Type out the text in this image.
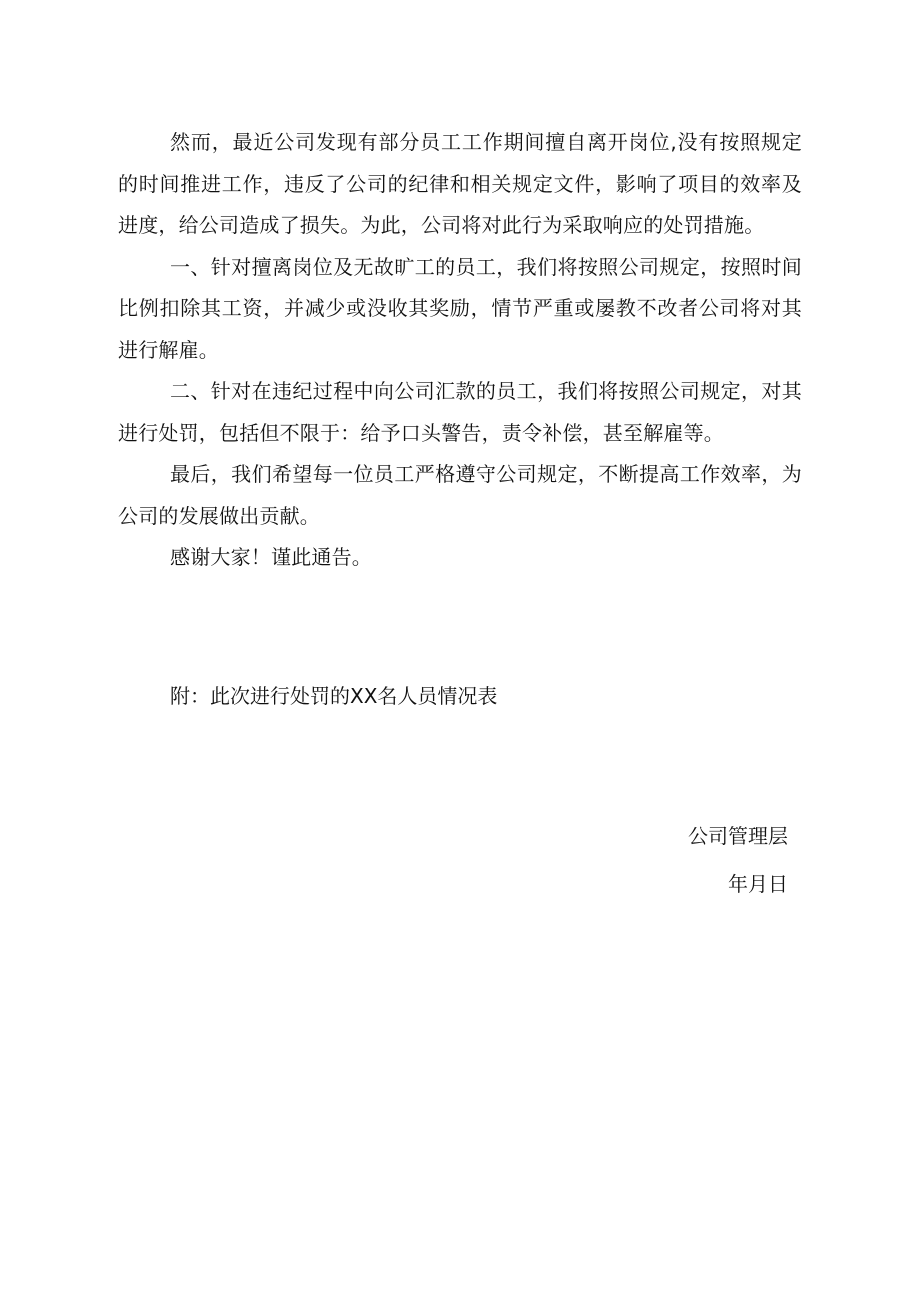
然而，最近公司发现有部分员工工作期间擅自离开岗位,没有按照规定的时间推进工作，违反了公司的纪律和相关规定文件，影响了项目的效率及进度，给公司造成了损失。为此，公司将对此行为采取响应的处罚措施。

一、针对擅离岗位及无故旷工的员工，我们将按照公司规定，按照时间比例扣除其工资，并减少或没收其奖励，情节严重或屡教不改者公司将对其进行解雇。

二、针对在违纪过程中向公司汇款的员工，我们将按照公司规定，对其进行处罚，包括但不限于：给予口头警告，责令补偿，甚至解雇等。

最后，我们希望每一位员工严格遵守公司规定，不断提高工作效率，为公司的发展做出贡献。

感谢大家！谨此通告。

附：此次进行处罚的XX名人员情况表

公司管理层
年月日
